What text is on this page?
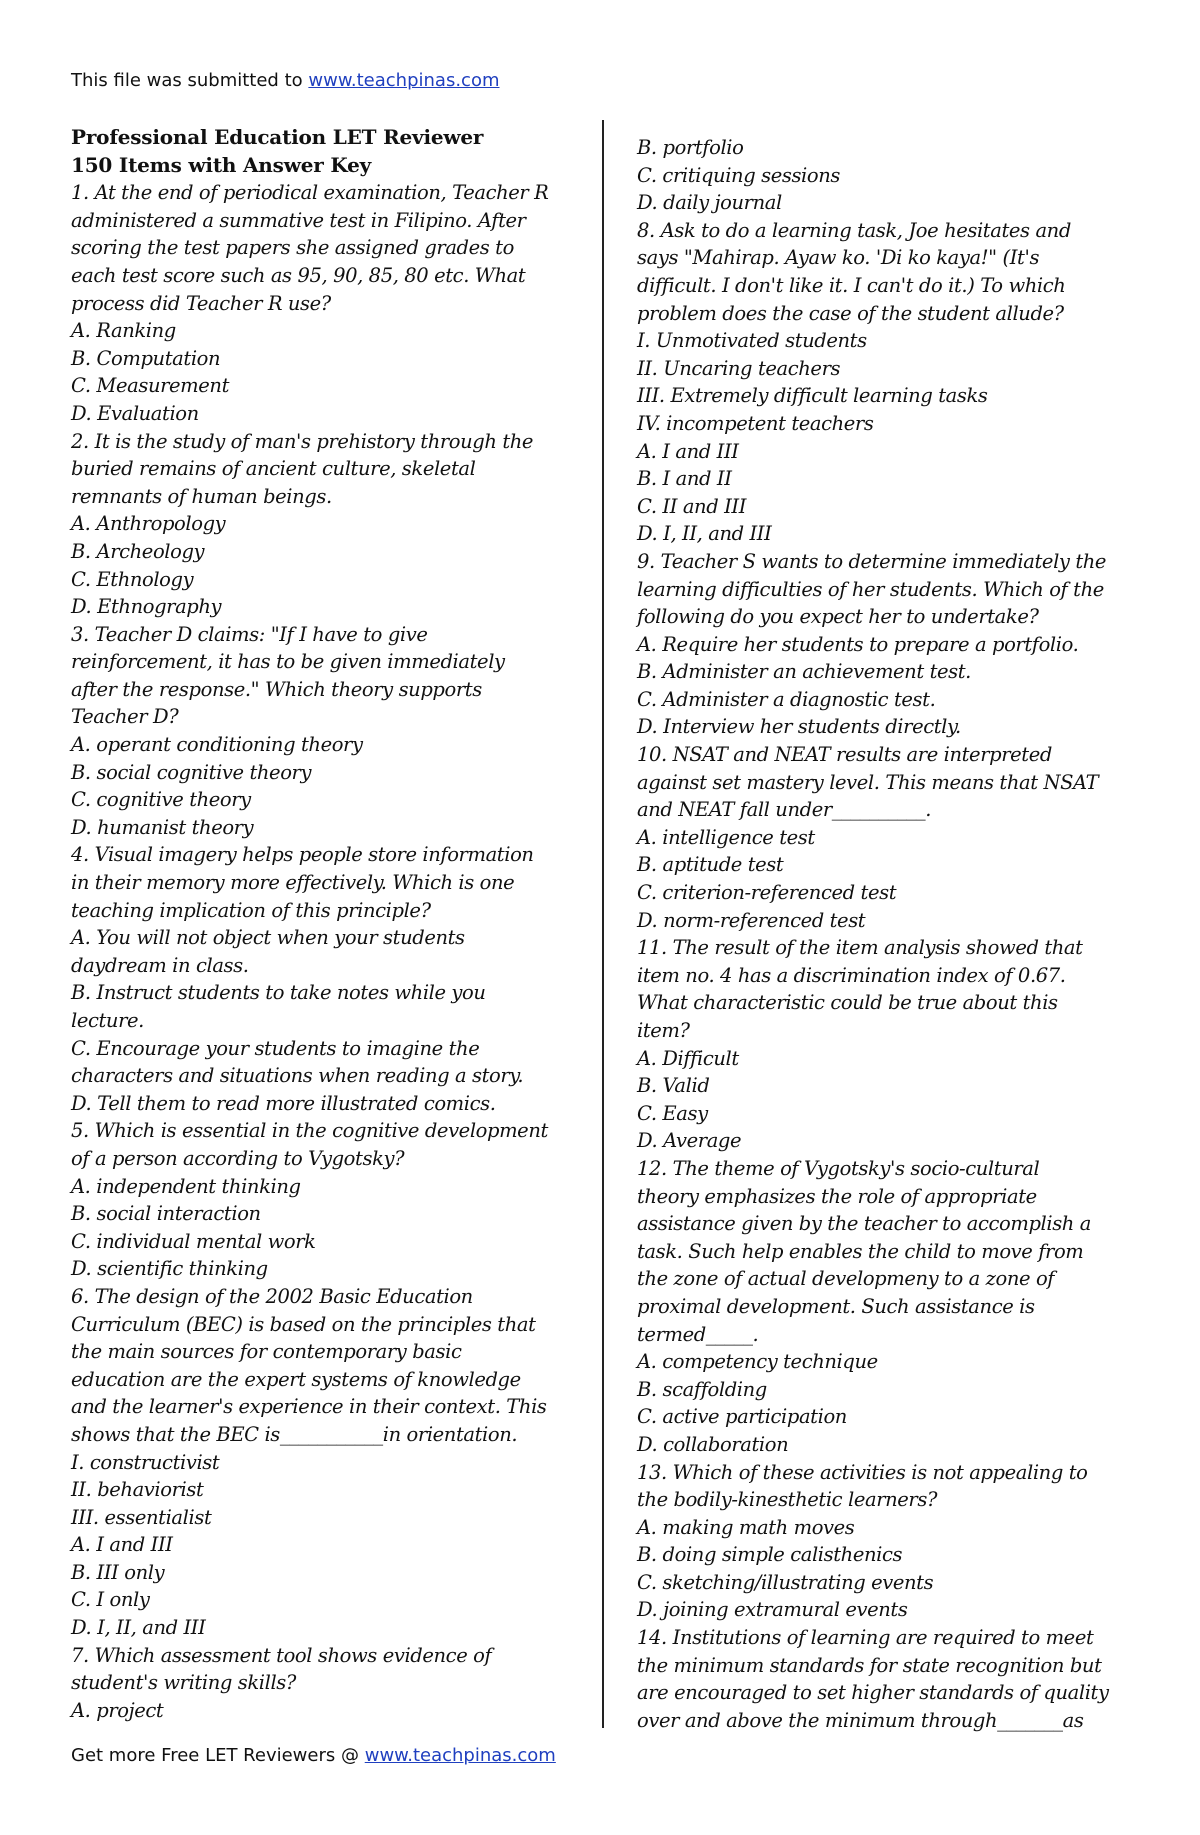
This file was submitted to www.teachpinas.com
Professional Education LET Reviewer
150 Items with Answer Key
1. At the end of periodical examination, Teacher R
administered a summative test in Filipino. After
scoring the test papers she assigned grades to
each test score such as 95, 90, 85, 80 etc. What
process did Teacher R use?
A. Ranking
B. Computation
C. Measurement
D. Evaluation
2. It is the study of man's prehistory through the
buried remains of ancient culture, skeletal
remnants of human beings.
A. Anthropology
B. Archeology
C. Ethnology
D. Ethnography
3. Teacher D claims: "If I have to give
reinforcement, it has to be given immediately
after the response." Which theory supports
Teacher D?
A. operant conditioning theory
B. social cognitive theory
C. cognitive theory
D. humanist theory
4. Visual imagery helps people store information
in their memory more effectively. Which is one
teaching implication of this principle?
A. You will not object when your students
daydream in class.
B. Instruct students to take notes while you
lecture.
C. Encourage your students to imagine the
characters and situations when reading a story.
D. Tell them to read more illustrated comics.
5. Which is essential in the cognitive development
of a person according to Vygotsky?
A. independent thinking
B. social interaction
C. individual mental work
D. scientific thinking
6. The design of the 2002 Basic Education
Curriculum (BEC) is based on the principles that
the main sources for contemporary basic
education are the expert systems of knowledge
and the learner's experience in their context. This
shows that the BEC is___________in orientation.
I. constructivist
II. behaviorist
III. essentialist
A. I and III
B. III only
C. I only
D. I, II, and III
7. Which assessment tool shows evidence of
student's writing skills?
A. project
B. portfolio
C. critiquing sessions
D. daily journal
8. Ask to do a learning task, Joe hesitates and
says "Mahirap. Ayaw ko. 'Di ko kaya!" (It's
difficult. I don't like it. I can't do it.) To which
problem does the case of the student allude?
I. Unmotivated students
II. Uncaring teachers
III. Extremely difficult learning tasks
IV. incompetent teachers
A. I and III
B. I and II
C. II and III
D. I, II, and III
9. Teacher S wants to determine immediately the
learning difficulties of her students. Which of the
following do you expect her to undertake?
A. Require her students to prepare a portfolio.
B. Administer an achievement test.
C. Administer a diagnostic test.
D. Interview her students directly.
10. NSAT and NEAT results are interpreted
against set mastery level. This means that NSAT
and NEAT fall under__________.
A. intelligence test
B. aptitude test
C. criterion-referenced test
D. norm-referenced test
11. The result of the item analysis showed that
item no. 4 has a discrimination index of 0.67.
What characteristic could be true about this
item?
A. Difficult
B. Valid
C. Easy
D. Average
12. The theme of Vygotsky's socio-cultural
theory emphasizes the role of appropriate
assistance given by the teacher to accomplish a
task. Such help enables the child to move from
the zone of actual developmeny to a zone of
proximal development. Such assistance is
termed_____.
A. competency technique
B. scaffolding
C. active participation
D. collaboration
13. Which of these activities is not appealing to
the bodily-kinesthetic learners?
A. making math moves
B. doing simple calisthenics
C. sketching/illustrating events
D. joining extramural events
14. Institutions of learning are required to meet
the minimum standards for state recognition but
are encouraged to set higher standards of quality
over and above the minimum through_______as
Get more Free LET Reviewers @ www.teachpinas.com
